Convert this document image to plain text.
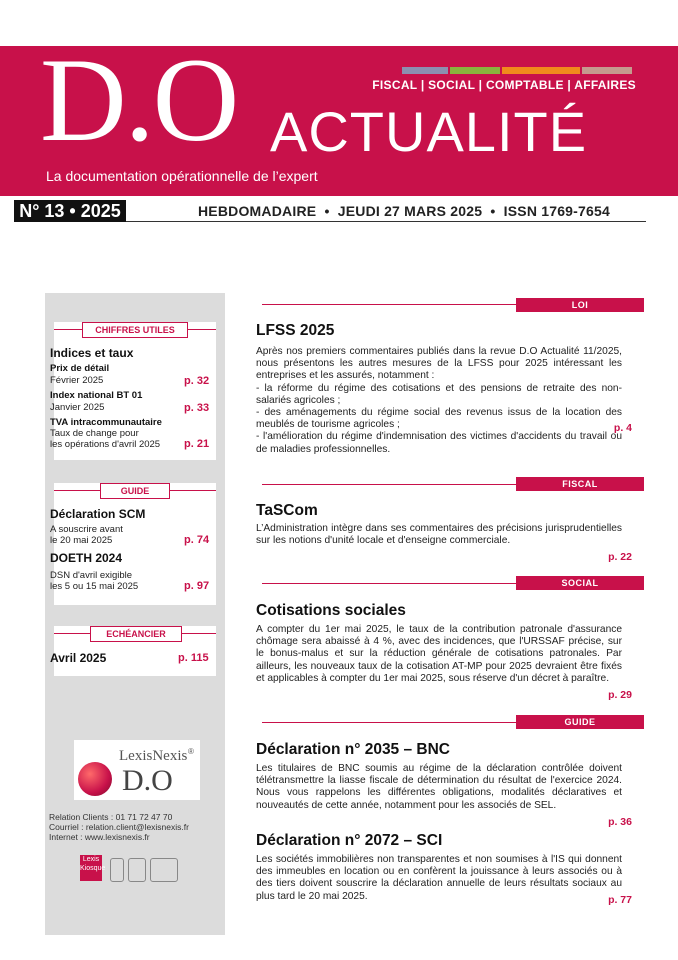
FISCAL | SOCIAL | COMPTABLE | AFFAIRES
D.O ACTUALITÉ
La documentation opérationnelle de l’expert
N° 13 • 2025	HEBDOMADAIRE  •  JEUDI 27 MARS 2025  •  ISSN 1769-7654
CHIFFRES UTILES
Indices et taux
Prix de détail
Février 2025	p. 32
Index national BT 01
Janvier 2025	p. 33
TVA intracommunautaire
Taux de change pour
les opérations d'avril 2025 p. 21
GUIDE
Déclaration SCM
A souscrire avant
le 20 mai 2025	p. 74
DOETH 2024
DSN d'avril exigible
les 5 ou 15 mai 2025	p. 97
ECHÉANCIER
Avril 2025	p. 115
LexisNexis ®
D.O
Relation Clients : 01 71 72 47 70
Courriel : relation.client@lexisnexis.fr
Internet : www.lexisnexis.fr
Lexis Kiosque
LOI
LFSS 2025
Après nos premiers commentaires publiés dans la revue D.O Actualité 11/2025, nous présentons les autres mesures de la LFSS pour 2025 intéressant les entreprises et les assurés, notamment :
- la réforme du régime des cotisations et des pensions de retraite des non-salariés agricoles ;
- des aménagements du régime social des revenus issus de la location des meublés de tourisme agricoles ;
- l'amélioration du régime d'indemnisation des victimes d'accidents du travail ou de maladies professionnelles.
p. 4
FISCAL
TaSCom
L’Administration intègre dans ses commentaires des précisions jurisprudentielles sur les notions d'unité locale et d'enseigne commerciale.
p. 22
SOCIAL
Cotisations sociales
A compter du 1er mai 2025, le taux de la contribution patronale d'assurance chômage sera abaissé à 4 %, avec des incidences, que l'URSSAF précise, sur le bonus-malus et sur la réduction générale de cotisations patronales. Par ailleurs, les nouveaux taux de la cotisation AT-MP pour 2025 devraient être fixés et applicables à compter du 1er mai 2025, sous réserve d'un décret à paraître.
p. 29
GUIDE
Déclaration n° 2035 – BNC
Les titulaires de BNC soumis au régime de la déclaration contrôlée doivent télétransmettre la liasse fiscale de détermination du résultat de l'exercice 2024. Nous vous rappelons les différentes obligations, modalités déclaratives et nouveautés de cette année, notamment pour les associés de SEL.
p. 36
Déclaration n° 2072 – SCI
Les sociétés immobilières non transparentes et non soumises à l'IS qui donnent des immeubles en location ou en confèrent la jouissance à leurs associés ou à des tiers doivent souscrire la déclaration annuelle de leurs résultats sociaux au plus tard le 20 mai 2025.	p. 77
